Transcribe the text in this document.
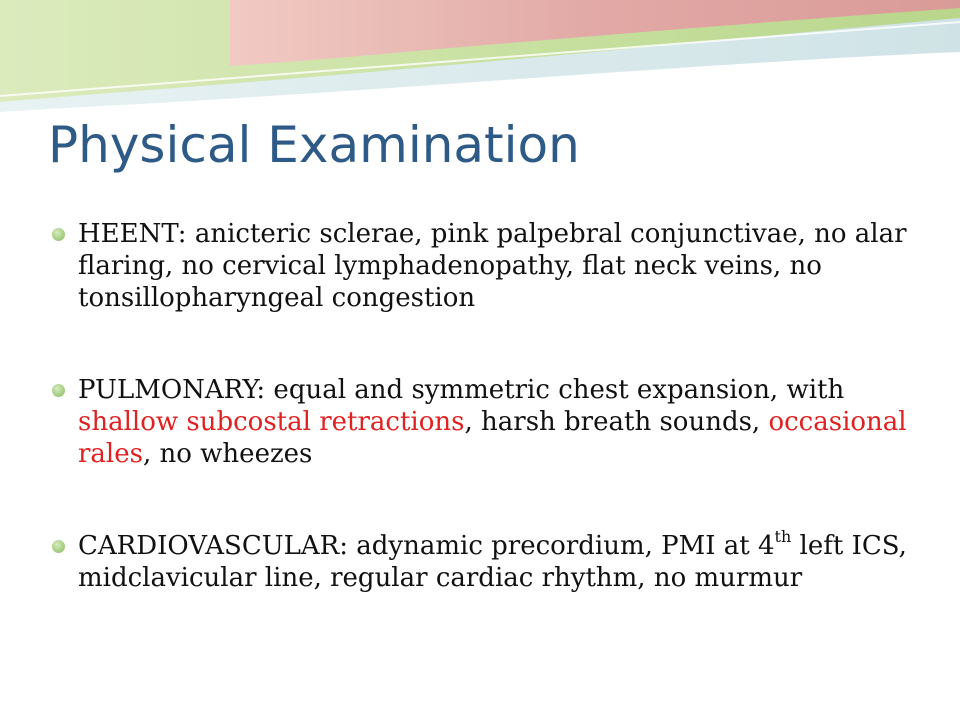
Physical Examination
HEENT: anicteric sclerae, pink palpebral conjunctivae, no alar flaring, no cervical lymphadenopathy, flat neck veins, no tonsillopharyngeal congestion
PULMONARY: equal and symmetric chest expansion, with shallow subcostal retractions, harsh breath sounds, occasional rales, no wheezes
CARDIOVASCULAR: adynamic precordium, PMI at 4th left ICS, midclavicular line, regular cardiac rhythm, no murmur
